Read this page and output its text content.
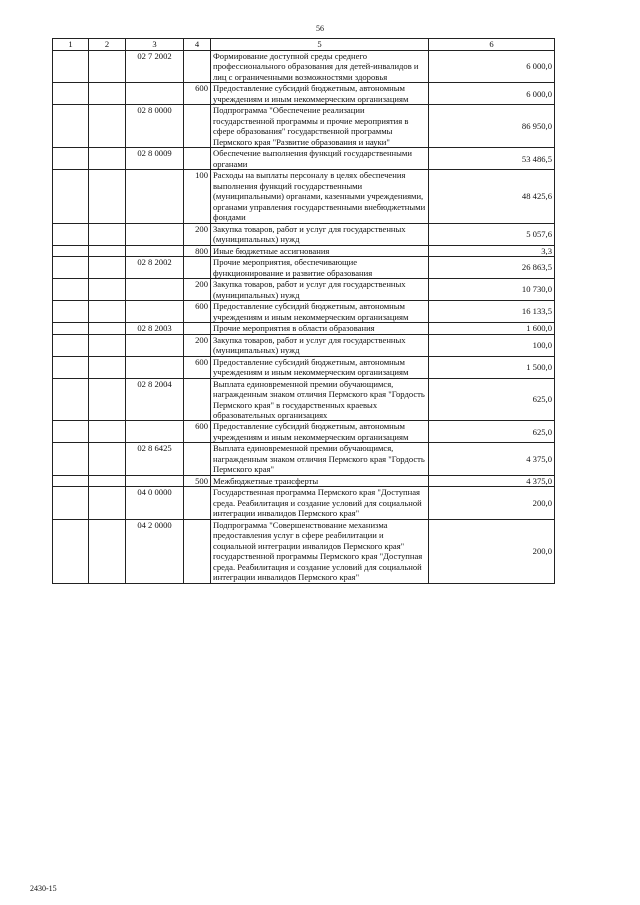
56
1	2	3	4	5	6
		02 7 2002		Формирование доступной среды среднего профессионального образования для детей-инвалидов и лиц с ограниченными возможностями здоровья	6 000,0
			600	Предоставление субсидий бюджетным, автономным учреждениям и иным некоммерческим организациям	6 000,0
		02 8 0000		Подпрограмма "Обеспечение реализации государственной программы и прочие мероприятия в сфере образования" государственной программы Пермского края "Развитие образования и науки"	86 950,0
		02 8 0009		Обеспечение выполнения функций государственными органами	53 486,5
			100	Расходы на выплаты персоналу в целях обеспечения выполнения функций государственными (муниципальными) органами, казенными учреждениями, органами управления государственными внебюджетными фондами	48 425,6
			200	Закупка товаров, работ и услуг для государственных (муниципальных) нужд	5 057,6
			800	Иные бюджетные ассигнования	3,3
		02 8 2002		Прочие мероприятия, обеспечивающие функционирование и развитие образования	26 863,5
			200	Закупка товаров, работ и услуг для государственных (муниципальных) нужд	10 730,0
			600	Предоставление субсидий бюджетным, автономным учреждениям и иным некоммерческим организациям	16 133,5
		02 8 2003		Прочие мероприятия в области образования	1 600,0
			200	Закупка товаров, работ и услуг для государственных (муниципальных) нужд	100,0
			600	Предоставление субсидий бюджетным, автономным учреждениям и иным некоммерческим организациям	1 500,0
		02 8 2004		Выплата единовременной премии обучающимся, награжденным знаком отличия Пермского края "Гордость Пермского края" в государственных краевых образовательных организациях	625,0
			600	Предоставление субсидий бюджетным, автономным учреждениям и иным некоммерческим организациям	625,0
		02 8 6425		Выплата единовременной премии обучающимся, награжденным знаком отличия Пермского края "Гордость Пермского края"	4 375,0
			500	Межбюджетные трансферты	4 375,0
		04 0 0000		Государственная программа Пермского края "Доступная среда. Реабилитация и создание условий для социальной интеграции инвалидов Пермского края"	200,0
		04 2 0000		Подпрограмма "Совершенствование механизма предоставления услуг в сфере реабилитации и социальной интеграции инвалидов Пермского края" государственной программы Пермского края "Доступная среда. Реабилитация и создание условий для социальной интеграции инвалидов Пермского края"	200,0
2430-15
